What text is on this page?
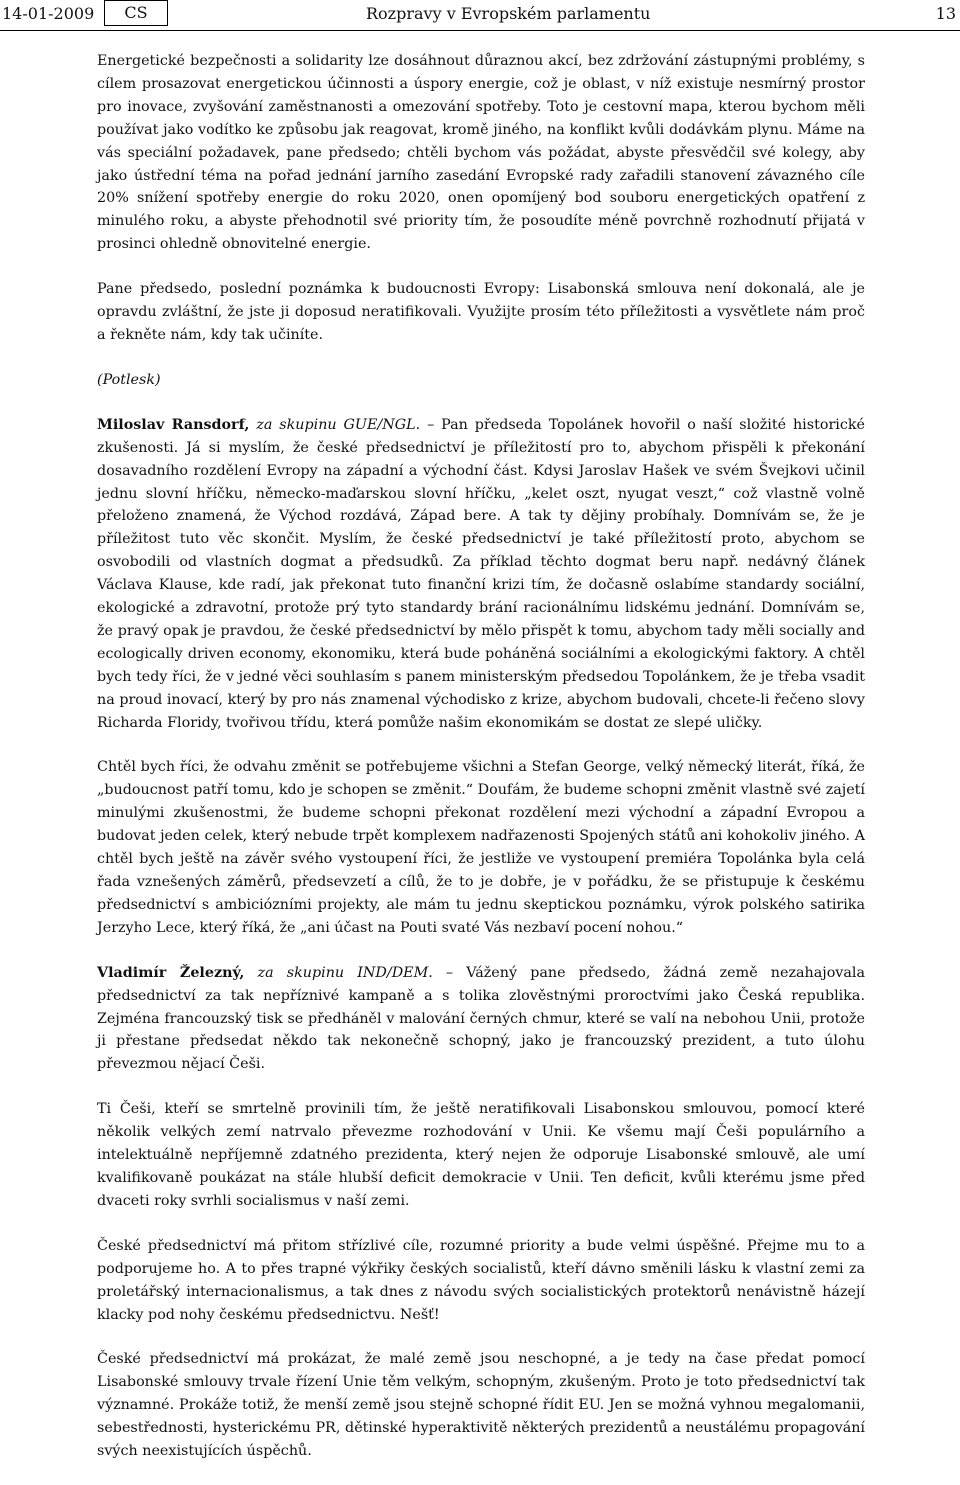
14-01-2009	CS	Rozpravy v Evropském parlamentu	13

Energetické bezpečnosti a solidarity lze dosáhnout důraznou akcí, bez zdržování zástupnými problémy, s cílem prosazovat energetickou účinnosti a úspory energie, což je oblast, v níž existuje nesmírný prostor pro inovace, zvyšování zaměstnanosti a omezování spotřeby. Toto je cestovní mapa, kterou bychom měli používat jako vodítko ke způsobu jak reagovat, kromě jiného, na konflikt kvůli dodávkám plynu. Máme na vás speciální požadavek, pane předsedo; chtěli bychom vás požádat, abyste přesvědčil své kolegy, aby jako ústřední téma na pořad jednání jarního zasedání Evropské rady zařadili stanovení závazného cíle 20% snížení spotřeby energie do roku 2020, onen opomíjený bod souboru energetických opatření z minulého roku, a abyste přehodnotil své priority tím, že posoudíte méně povrchně rozhodnutí přijatá v prosinci ohledně obnovitelné energie.

Pane předsedo, poslední poznámka k budoucnosti Evropy: Lisabonská smlouva není dokonalá, ale je opravdu zvláštní, že jste ji doposud neratifikovali. Využijte prosím této příležitosti a vysvětlete nám proč a řekněte nám, kdy tak učiníte.

(Potlesk)

Miloslav Ransdorf, za skupinu GUE/NGL. – Pan předseda Topolánek hovořil o naší složité historické zkušenosti. Já si myslím, že české předsednictví je příležitostí pro to, abychom přispěli k překonání dosavadního rozdělení Evropy na západní a východní část. Kdysi Jaroslav Hašek ve svém Švejkovi učinil jednu slovní hříčku, německo-maďarskou slovní hříčku, „kelet oszt, nyugat veszt,“ což vlastně volně přeloženo znamená, že Východ rozdává, Západ bere. A tak ty dějiny probíhaly. Domnívám se, že je příležitost tuto věc skončit. Myslím, že české předsednictví je také příležitostí proto, abychom se osvobodili od vlastních dogmat a předsudků. Za příklad těchto dogmat beru např. nedávný článek Václava Klause, kde radí, jak překonat tuto finanční krizi tím, že dočasně oslabíme standardy sociální, ekologické a zdravotní, protože prý tyto standardy brání racionálnímu lidskému jednání. Domnívám se, že pravý opak je pravdou, že české předsednictví by mělo přispět k tomu, abychom tady měli socially and ecologically driven economy, ekonomiku, která bude poháněná sociálními a ekologickými faktory. A chtěl bych tedy říci, že v jedné věci souhlasím s panem ministerským předsedou Topolánkem, že je třeba vsadit na proud inovací, který by pro nás znamenal východisko z krize, abychom budovali, chcete-li řečeno slovy Richarda Floridy, tvořivou třídu, která pomůže našim ekonomikám se dostat ze slepé uličky.

Chtěl bych říci, že odvahu změnit se potřebujeme všichni a Stefan George, velký německý literát, říká, že „budoucnost patří tomu, kdo je schopen se změnit.“ Doufám, že budeme schopni změnit vlastně své zajetí minulými zkušenostmi, že budeme schopni překonat rozdělení mezi východní a západní Evropou a budovat jeden celek, který nebude trpět komplexem nadřazenosti Spojených států ani kohokoliv jiného. A chtěl bych ještě na závěr svého vystoupení říci, že jestliže ve vystoupení premiéra Topolánka byla celá řada vznešených záměrů, předsevzetí a cílů, že to je dobře, je v pořádku, že se přistupuje k českému předsednictví s ambiciózními projekty, ale mám tu jednu skeptickou poznámku, výrok polského satirika Jerzyho Lece, který říká, že „ani účast na Pouti svaté Vás nezbaví pocení nohou.“

Vladimír Železný, za skupinu IND/DEM. – Vážený pane předsedo, žádná země nezahajovala předsednictví za tak nepříznivé kampaně a s tolika zlověstnými proroctvími jako Česká republika. Zejména francouzský tisk se předháněl v malování černých chmur, které se valí na nebohou Unii, protože ji přestane předsedat někdo tak nekonečně schopný, jako je francouzský prezident, a tuto úlohu převezmou nějací Češi.

Ti Češi, kteří se smrtelně provinili tím, že ještě neratifikovali Lisabonskou smlouvou, pomocí které několik velkých zemí natrvalo převezme rozhodování v Unii. Ke všemu mají Češi populárního a intelektuálně nepříjemně zdatného prezidenta, který nejen že odporuje Lisabonské smlouvě, ale umí kvalifikovaně poukázat na stále hlubší deficit demokracie v Unii. Ten deficit, kvůli kterému jsme před dvaceti roky svrhli socialismus v naší zemi.

České předsednictví má přitom střízlivé cíle, rozumné priority a bude velmi úspěšné. Přejme mu to a podporujeme ho. A to přes trapné výkřiky českých socialistů, kteří dávno směnili lásku k vlastní zemi za proletářský internacionalismus, a tak dnes z návodu svých socialistických protektorů nenávistně házejí klacky pod nohy českému předsednictvu. Nešť!

České předsednictví má prokázat, že malé země jsou neschopné, a je tedy na čase předat pomocí Lisabonské smlouvy trvale řízení Unie těm velkým, schopným, zkušeným. Proto je toto předsednictví tak významné. Prokáže totiž, že menší země jsou stejně schopné řídit EU. Jen se možná vyhnou megalomanii, sebestřednosti, hysterickému PR, dětinské hyperaktivitě některých prezidentů a neustálému propagování svých neexistujících úspěchů.
